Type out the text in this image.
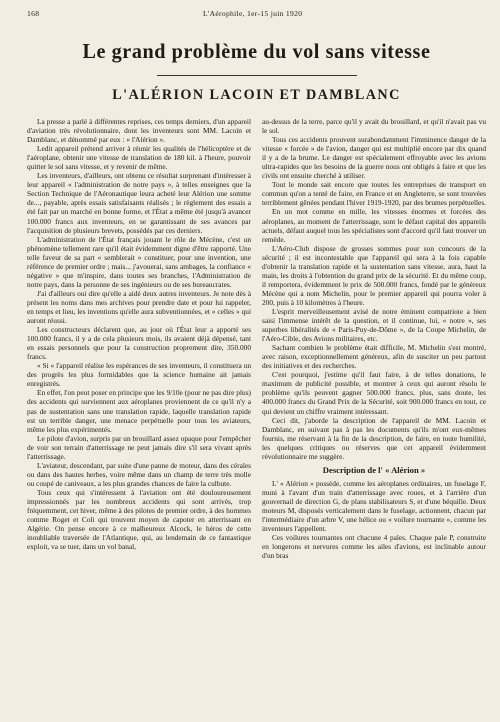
168	L'Aérophile, 1er-15 juin 1920
Le grand problème du vol sans vitesse
L'ALÉRION LACOIN ET DAMBLANC

La presse a parlé à différentes reprises, ces temps derniers, d'un appareil d'aviation très révolutionnaire, dont les inventeurs sont MM. Lacoin et Damblanc, et dénommé par eux : « l'Alérion ».

Ledit appareil prétend arriver à réunir les qualités de l'hélicoptère et de l'aéroplane, obtenir une vitesse de translation de 180 kil. à l'heure, pouvoir quitter le sol sans vitesse, et y revenir de même.

Les inventeurs, d'ailleurs, ont obtenu ce résultat surprenant d'intéresser à leur appareil « l'administration de notre pays », à telles enseignes que la Section Technique de l'Aéronautique leura acheté leur Alérion une somme de..., payable, après essais satisfaisants réalisés ; le règlement des essais a été fait par un marché en bonne forme, et l'État a même été jusqu'à avancer 100.000 francs aux inventeurs, en se garantissant de ses avances par l'acquisition de plusieurs brevets, possédés par ces derniers.

L'administration de l'État français jouant le rôle de Mécène, c'est un phénomène tellement rare qu'il était évidemment digne d'être rapporté. Une telle faveur de sa part « semblerait » constituer, pour une invention, une référence de premier ordre ; mais... j'avouerai, sans ambages, la confiance « négative » que m'inspire, dans toutes ses branches, l'Administration de notre pays, dans la personne de ses ingénieurs ou de ses bureaucrates.

J'ai d'ailleurs oui dire qu'elle a aidé deux autres inventeurs. Je note dès à présent les noms dans mes archives pour prendre date et pour lui rappeler, en temps et lieu, les inventions qu'elle aura subventionnées, et « celles » qui auront réussi.

Les constructeurs déclarent que, au jour où l'État leur a apporté ses 100.000 francs, il y a de cela plusieurs mois, ils avaient déjà dépensé, tant en essais personnels que pour la construction proprement dite, 350.000 francs.

« Si « l'appareil réalise les espérances de ses inventeurs, il constituera un des progrès les plus formidables que la science humaine ait jamais enregistrés.

En effet, l'on peut poser en principe que les 9/10e (pour ne pas dire plus) des accidents qui surviennent aux aéroplanes proviennent de ce qu'il n'y a pas de sustentation sans une translation rapide, laquelle translation rapide est un terrible danger, une menace perpétuelle pour tous les aviateurs, même les plus expérimentés.

Le pilote d'avion, surpris par un brouillard assez opaque pour l'empêcher de voir son terrain d'atterrissage ne peut jamais dire s'il sera vivant après l'atterrissage.

L'aviateur, descendant, par suite d'une panne de moteur, dans des cérales ou dans des hautes herbes, voire même dans un champ de terre très molle ou coupé de caniveaux, a les plus grandes chances de faire la culbute.

Tous ceux qui s'intéressent à l'aviation ont été douloureusement impressionnés par les nombreux accidents qui sont arrivés, trop fréquemment, cet hiver, même à des pilotes de premier ordre, à des hommes comme Roget et Coli qui trouvent moyen de capoter en atterrissant en Algérie. On pense encore à ce malheureux Alcock, le héros de cette inoubliable traversée de l'Atlantique, qui, au lendemain de ce fantastique exploit, va se tuer, dans un vol banal,

au-dessus de la terre, parce qu'il y avait du brouillard, et qu'il n'avait pas vu le sol.

Tous ces accidents prouvent surabondamment l'imminence danger de la vitesse « forcée » de l'avion, danger qui est multiplié encore par dix quand il y a de la brume. Le danger est spécialement effroyable avec les avions ultra-rapides que les besoins de la guerre nous ont obligés à faire et que les civils ont ensuite cherché à utiliser.

Tout le monde sait encore que toutes les entreprises de transport en commun qu'on a tenté de faire, en France et en Angleterre, se sont trouvées terriblement gênées pendant l'hiver 1919-1920, par des brumes perpétuelles.

En un mot comme en mille, les vitesses énormes et forcées des aéroplanes, au moment de l'atterrissage, sont le défaut capital des appareils actuels, défaut auquel tous les spécialistes sont d'accord qu'il faut trouver un remède.

L'Aéro-Club dispose de grosses sommes pour son concours de la sécurité ; il est incontestable que l'appareil qui sera à la fois capable d'obtenir la translation rapide et la sustentation sans vitesse, aura, haut la main, les droits à l'obtention du grand prix de la sécurité. Et du même coup, il remportera, évidemment le prix de 500.000 francs, fondé par le généreux Mécène qui a nom Michelin, pour le premier appareil qui pourra voler à 200, puis à 10 kilomètres à l'heure.

L'esprit merveilleusement avisé de notre éminent compatriote a bien saisi l'immense intérêt de la question, et il continue, lui, « notre », ses superbes libéralités de « Paris-Puy-de-Dôme », de la Coupe Michelin, de l'Aéro-Cible, des Avions militaires, etc.

Sachant combien le problème était difficile, M. Michelin s'est montré, avec raison, exceptionnellement généreux, afin de susciter un peu partout des initiatives et des recherches.

C'est pourquoi, j'estime qu'il faut faire, à de telles donations, le maximum de publicité possible, et montrer à ceux qui auront résolu le problème qu'ils peuvent gagner 500.000 francs, plus, sans doute, les 400.000 francs du Grand Prix de la Sécurité, soit 900.000 francs en tout, ce qui devient un chiffre vraiment intéressant.

Ceci dit, j'aborde la description de l'appareil de MM. Lacoin et Damblanc, en suivant pas à pas les documents qu'ils m'ont eux-mêmes fournis, me réservant à la fin de la description, de faire, en toute humilité, les quelques critiques ou réserves que cet appareil évidemment révolutionnaire me suggère.

Description de l' « Alérion »

L' « Alérion » possède, comme les aéroplanes ordinaires, un fuselage F, muni à l'avant d'un train d'atterrissage avec roues, et à l'arrière d'un gouvernail de direction G, de plans stabilisateurs S, et d'une béquille. Deux moteurs M, disposés verticalement dans le fuselage, actionnent, chacun par l'intermédiaire d'un arbre V, une hélice ou « voilure tournante », comme les inventeurs l'appellent.

Ces voilures tournantes ont chacune 4 pales. Chaque pale P, construite en longerons et nervures comme les ailes d'avions, est inclinable autour d'un bras
